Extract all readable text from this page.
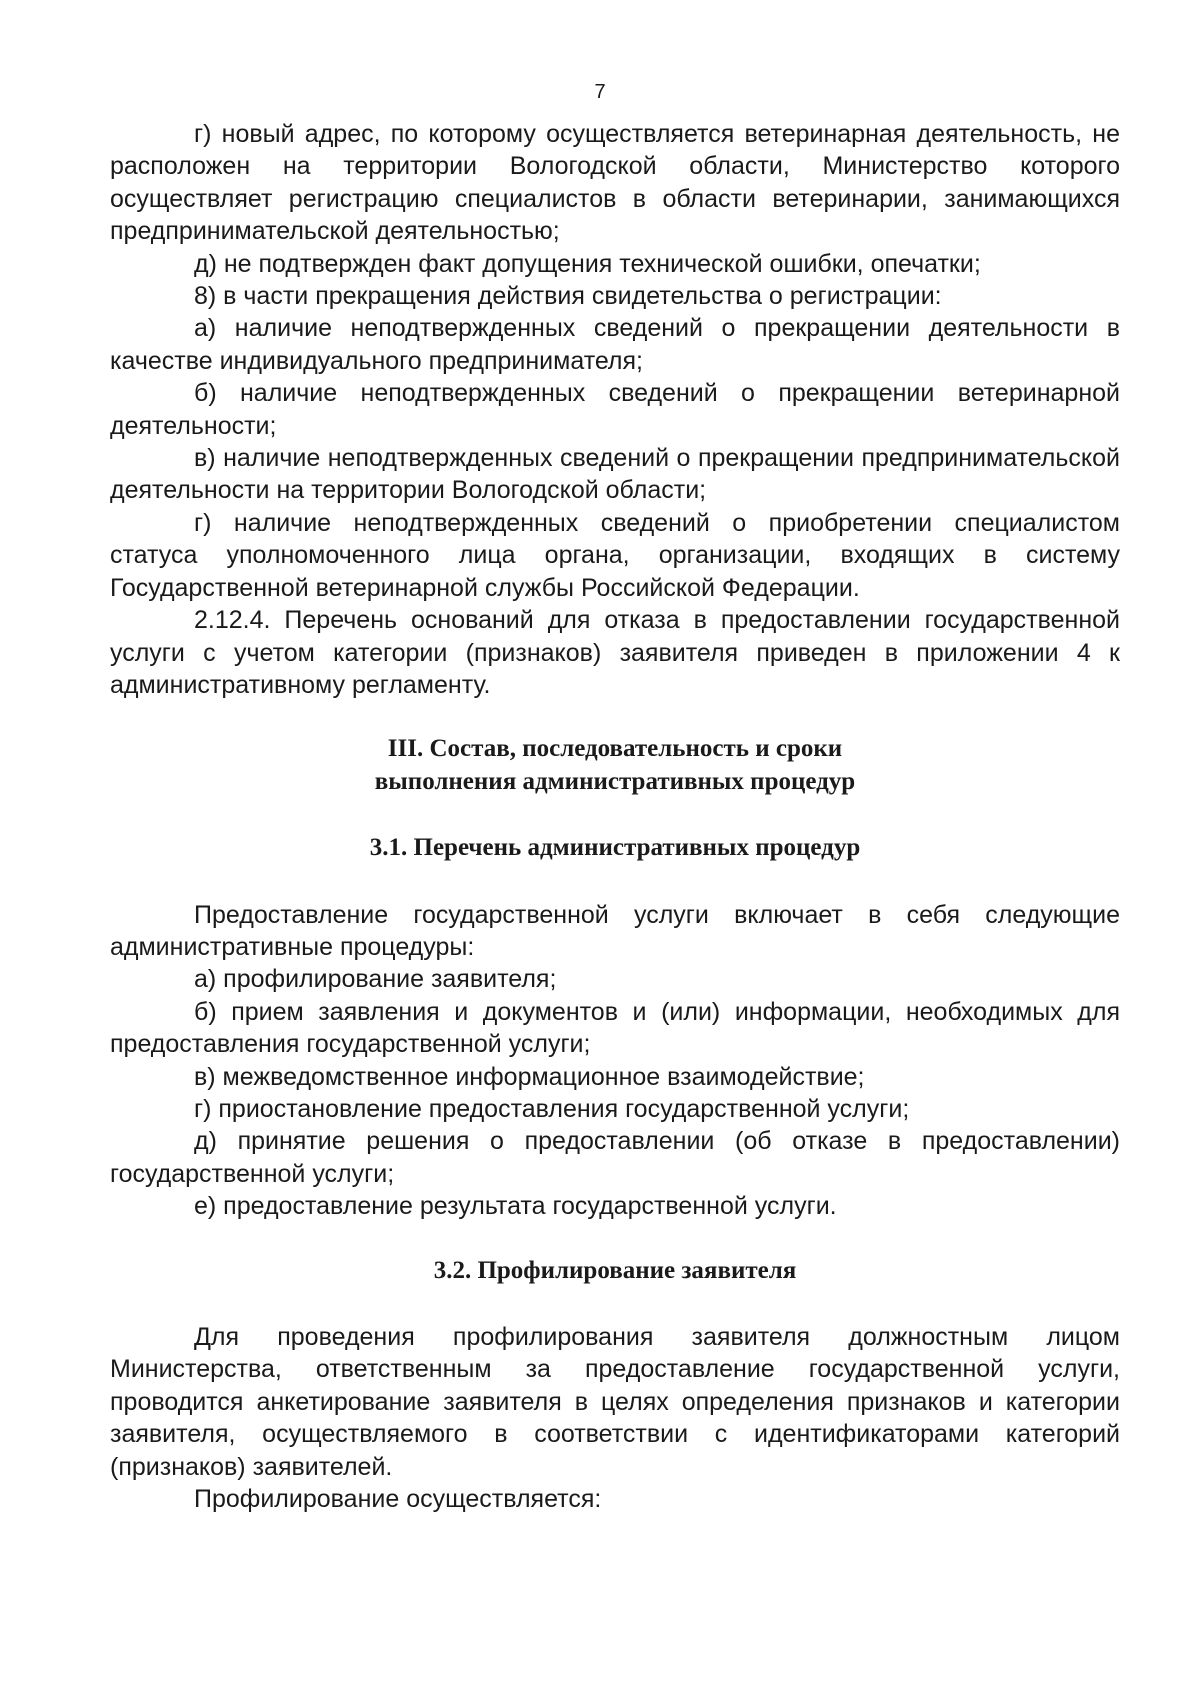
7

г) новый адрес, по которому осуществляется ветеринарная деятельность, не расположен на территории Вологодской области, Министерство которого осуществляет регистрацию специалистов в области ветеринарии, занимающихся предпринимательской деятельностью;

д) не подтвержден факт допущения технической ошибки, опечатки;

8) в части прекращения действия свидетельства о регистрации:

а) наличие неподтвержденных сведений о прекращении деятельности в качестве индивидуального предпринимателя;

б) наличие неподтвержденных сведений о прекращении ветеринарной деятельности;

в) наличие неподтвержденных сведений о прекращении предпринимательской деятельности на территории Вологодской области;

г) наличие неподтвержденных сведений о приобретении специалистом статуса уполномоченного лица органа, организации, входящих в систему Государственной ветеринарной службы Российской Федерации.

2.12.4. Перечень оснований для отказа в предоставлении государственной услуги с учетом категории (признаков) заявителя приведен в приложении 4 к административному регламенту.

III. Состав, последовательность и сроки
выполнения административных процедур
3.1. Перечень административных процедур

Предоставление государственной услуги включает в себя следующие административные процедуры:

а) профилирование заявителя;

б) прием заявления и документов и (или) информации, необходимых для предоставления государственной услуги;

в) межведомственное информационное взаимодействие;

г) приостановление предоставления государственной услуги;

д) принятие решения о предоставлении (об отказе в предоставлении) государственной услуги;

е) предоставление результата государственной услуги.

3.2. Профилирование заявителя

Для проведения профилирования заявителя должностным лицом Министерства, ответственным за предоставление государственной услуги, проводится анкетирование заявителя в целях определения признаков и категории заявителя, осуществляемого в соответствии с идентификаторами категорий (признаков) заявителей.

Профилирование осуществляется:
